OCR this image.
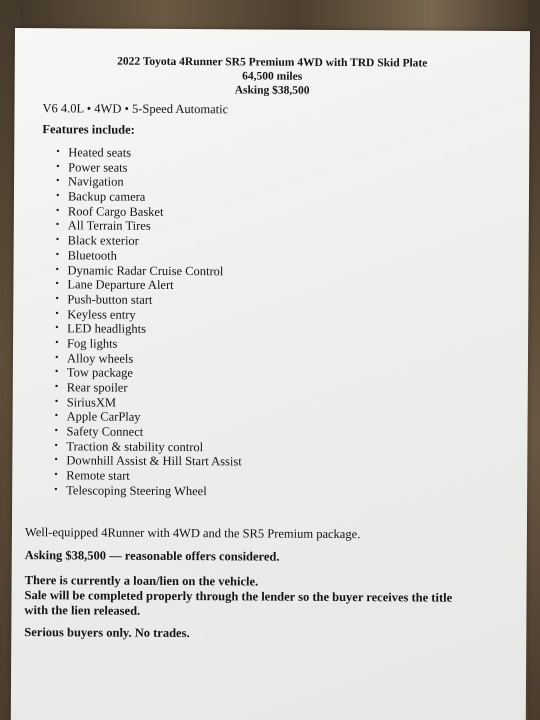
2022 Toyota 4Runner SR5 Premium 4WD with TRD Skid Plate
64,500 miles
Asking $38,500
V6 4.0L • 4WD • 5-Speed Automatic
Features include:
• Heated seats
• Power seats
• Navigation
• Backup camera
• Roof Cargo Basket
• All Terrain Tires
• Black exterior
• Bluetooth
• Dynamic Radar Cruise Control
• Lane Departure Alert
• Push-button start
• Keyless entry
• LED headlights
• Fog lights
• Alloy wheels
• Tow package
• Rear spoiler
• SiriusXM
• Apple CarPlay
• Safety Connect
• Traction & stability control
• Downhill Assist & Hill Start Assist
• Remote start
• Telescoping Steering Wheel
Well-equipped 4Runner with 4WD and the SR5 Premium package.
Asking $38,500 — reasonable offers considered.
There is currently a loan/lien on the vehicle.
Sale will be completed properly through the lender so the buyer receives the title
with the lien released.
Serious buyers only. No trades.
